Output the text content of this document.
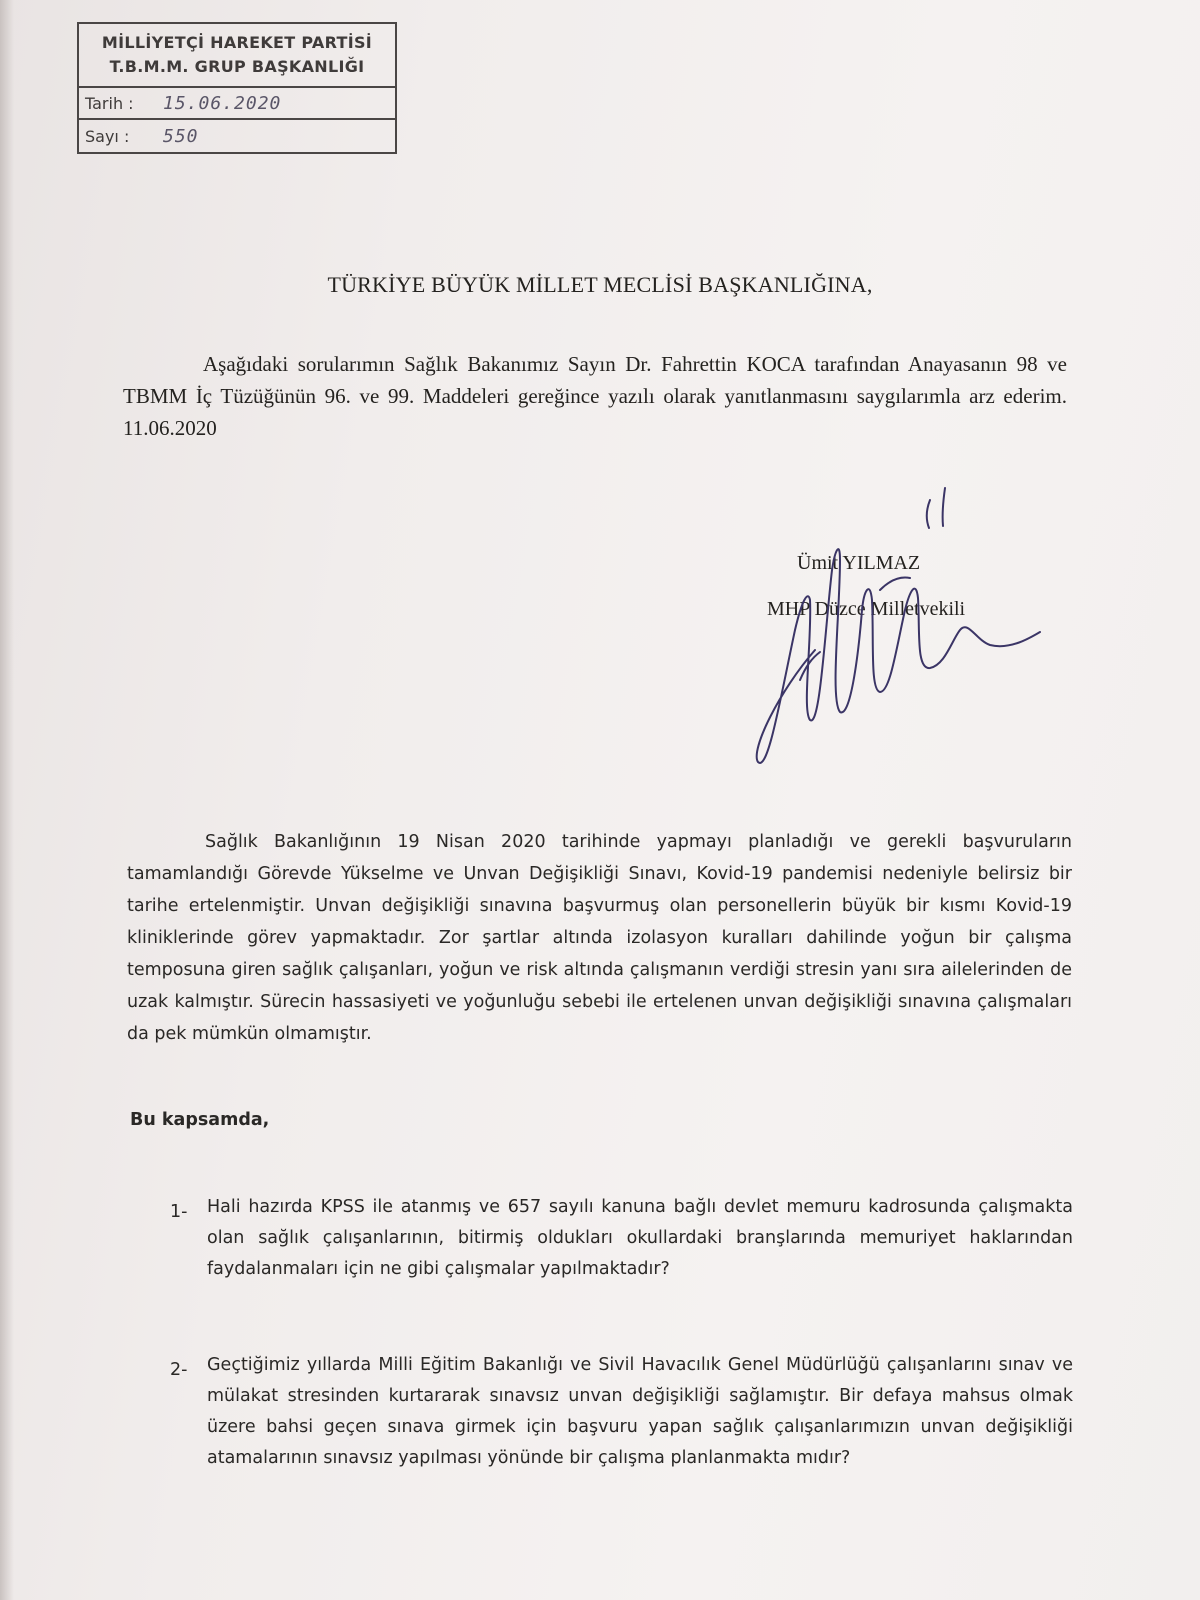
MİLLİYETÇİ HAREKET PARTİSİ
T.B.M.M. GRUP BAŞKANLIĞI
Tarih :	15.06.2020
Sayı :	550
TÜRKİYE BÜYÜK MİLLET MECLİSİ BAŞKANLIĞINA,

Aşağıdaki sorularımın Sağlık Bakanımız Sayın Dr. Fahrettin KOCA tarafından Anayasanın 98 ve TBMM İç Tüzüğünün 96. ve 99. Maddeleri gereğince yazılı olarak yanıtlanmasını saygılarımla arz ederim. 11.06.2020

Ümit YILMAZ

MHP Düzce Milletvekili

Sağlık Bakanlığının 19 Nisan 2020 tarihinde yapmayı planladığı ve gerekli başvuruların tamamlandığı Görevde Yükselme ve Unvan Değişikliği Sınavı, Kovid-19 pandemisi nedeniyle belirsiz bir tarihe ertelenmiştir. Unvan değişikliği sınavına başvurmuş olan personellerin büyük bir kısmı Kovid-19 kliniklerinde görev yapmaktadır. Zor şartlar altında izolasyon kuralları dahilinde yoğun bir çalışma temposuna giren sağlık çalışanları, yoğun ve risk altında çalışmanın verdiği stresin yanı sıra ailelerinden de uzak kalmıştır. Sürecin hassasiyeti ve yoğunluğu sebebi ile ertelenen unvan değişikliği sınavına çalışmaları da pek mümkün olmamıştır.

Bu kapsamda,

1- Hali hazırda KPSS ile atanmış ve 657 sayılı kanuna bağlı devlet memuru kadrosunda çalışmakta olan sağlık çalışanlarının, bitirmiş oldukları okullardaki branşlarında memuriyet haklarından faydalanmaları için ne gibi çalışmalar yapılmaktadır?

2- Geçtiğimiz yıllarda Milli Eğitim Bakanlığı ve Sivil Havacılık Genel Müdürlüğü çalışanlarını sınav ve mülakat stresinden kurtararak sınavsız unvan değişikliği sağlamıştır. Bir defaya mahsus olmak üzere bahsi geçen sınava girmek için başvuru yapan sağlık çalışanlarımızın unvan değişikliği atamalarının sınavsız yapılması yönünde bir çalışma planlanmakta mıdır?
